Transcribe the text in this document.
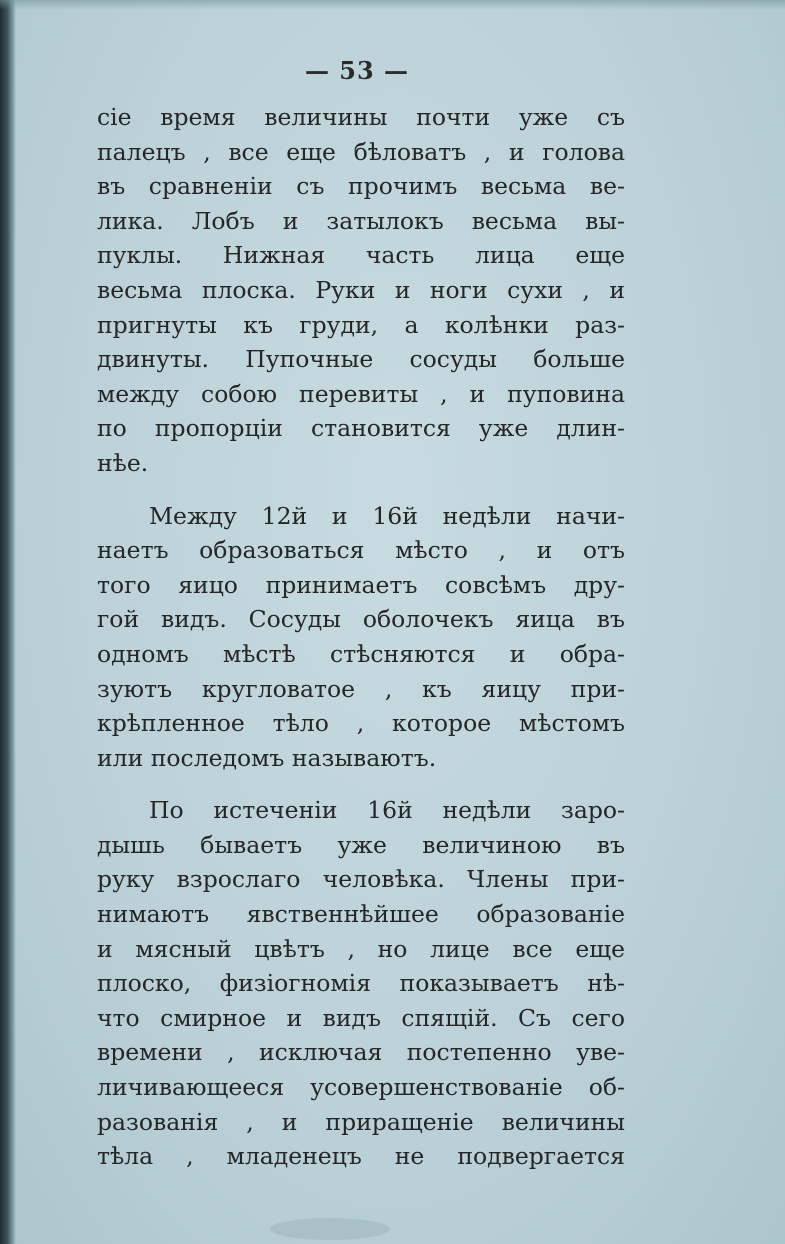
— 53 —
сіе время величины почти уже съ
палецъ , все еще бѣловатъ , и голова
въ сравненіи съ прочимъ весьма ве-
лика. Лобъ и затылокъ весьма вы-
пуклы. Нижная часть лица еще
весьма плоска. Руки и ноги сухи , и
пригнуты къ груди, а колѣнки раз-
двинуты. Пупочные сосуды больше
между собою перевиты , и пуповина
по пропорціи становится уже длин-
нѣе.
Между 12й и 16й недѣли начи-
наетъ образоваться мѣсто , и отъ
того яицо принимаетъ совсѣмъ дру-
гой видъ. Сосуды оболочекъ яица въ
одномъ мѣстѣ стѣсняются и обра-
зуютъ кругловатое , къ яицу при-
крѣпленное тѣло , которое мѣстомъ
или последомъ называютъ.
По истеченіи 16й недѣли заро-
дышь бываетъ уже величиною въ
руку взрослаго человѣка. Члены при-
нимаютъ явственнѣйшее образованіе
и мясный цвѣтъ , но лице все еще
плоско, физіогномія показываетъ нѣ-
что смирное и видъ спящій. Съ сего
времени , исключая постепенно уве-
личивающееся усовершенствованіе об-
разованія , и приращеніе величины
тѣла , младенецъ не подвергается
